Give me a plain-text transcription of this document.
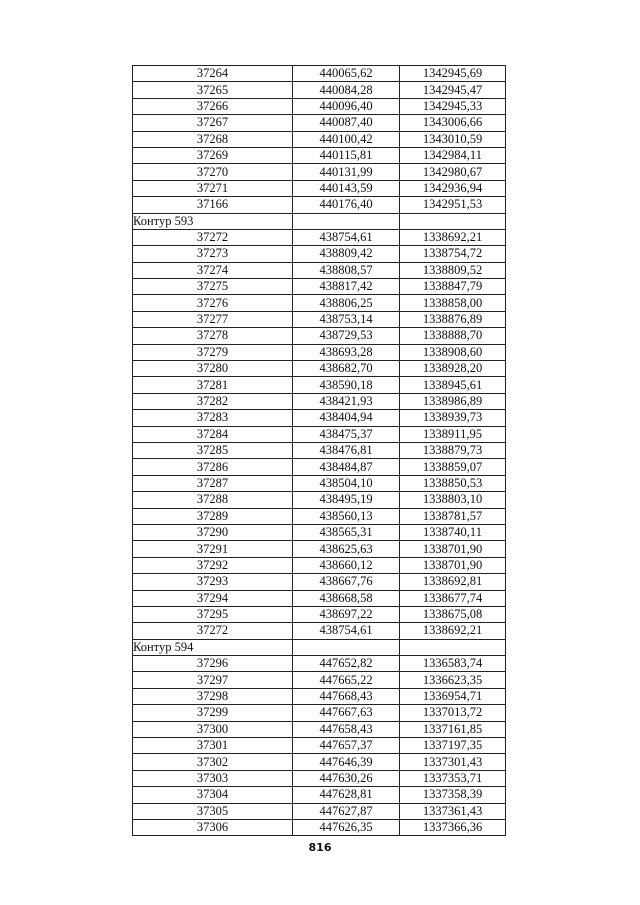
37264	440065,62	1342945,69
37265	440084,28	1342945,47
37266	440096,40	1342945,33
37267	440087,40	1343006,66
37268	440100,42	1343010,59
37269	440115,81	1342984,11
37270	440131,99	1342980,67
37271	440143,59	1342936,94
37166	440176,40	1342951,53
Контур 593		
37272	438754,61	1338692,21
37273	438809,42	1338754,72
37274	438808,57	1338809,52
37275	438817,42	1338847,79
37276	438806,25	1338858,00
37277	438753,14	1338876,89
37278	438729,53	1338888,70
37279	438693,28	1338908,60
37280	438682,70	1338928,20
37281	438590,18	1338945,61
37282	438421,93	1338986,89
37283	438404,94	1338939,73
37284	438475,37	1338911,95
37285	438476,81	1338879,73
37286	438484,87	1338859,07
37287	438504,10	1338850,53
37288	438495,19	1338803,10
37289	438560,13	1338781,57
37290	438565,31	1338740,11
37291	438625,63	1338701,90
37292	438660,12	1338701,90
37293	438667,76	1338692,81
37294	438668,58	1338677,74
37295	438697,22	1338675,08
37272	438754,61	1338692,21
Контур 594		
37296	447652,82	1336583,74
37297	447665,22	1336623,35
37298	447668,43	1336954,71
37299	447667,63	1337013,72
37300	447658,43	1337161,85
37301	447657,37	1337197,35
37302	447646,39	1337301,43
37303	447630,26	1337353,71
37304	447628,81	1337358,39
37305	447627,87	1337361,43
37306	447626,35	1337366,36
816
